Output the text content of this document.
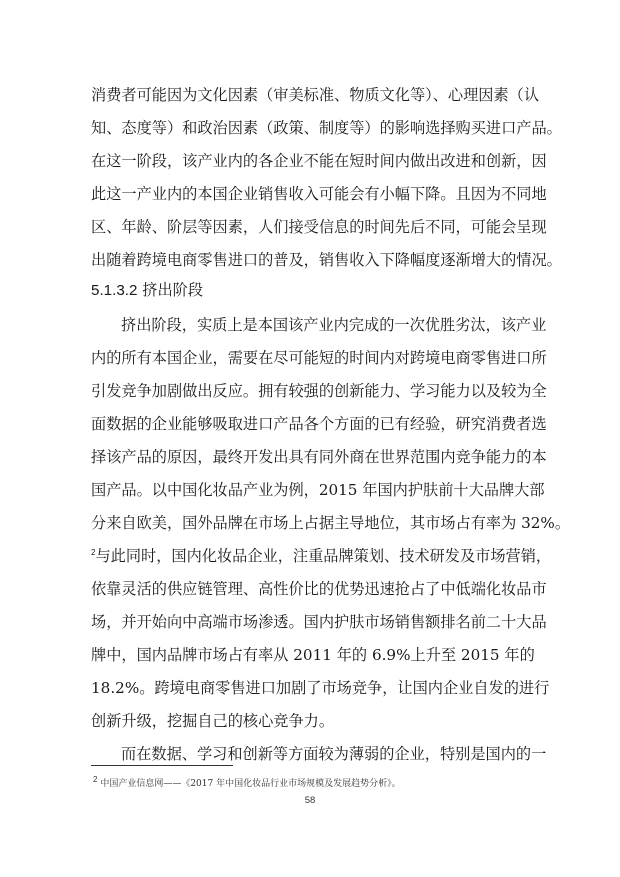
消费者可能因为文化因素（审美标准、物质文化等）、心理因素（认
知、态度等）和政治因素（政策、制度等）的影响选择购买进口产品。
在这一阶段，该产业内的各企业不能在短时间内做出改进和创新，因
此这一产业内的本国企业销售收入可能会有小幅下降。且因为不同地
区、年龄、阶层等因素，人们接受信息的时间先后不同，可能会呈现
出随着跨境电商零售进口的普及，销售收入下降幅度逐渐增大的情况。
5.1.3.2 挤出阶段
挤出阶段，实质上是本国该产业内完成的一次优胜劣汰，该产业
内的所有本国企业，需要在尽可能短的时间内对跨境电商零售进口所
引发竞争加剧做出反应。拥有较强的创新能力、学习能力以及较为全
面数据的企业能够吸取进口产品各个方面的已有经验，研究消费者选
择该产品的原因，最终开发出具有同外商在世界范围内竞争能力的本
国产品。以中国化妆品产业为例，2015 年国内护肤前十大品牌大部
分来自欧美，国外品牌在市场上占据主导地位，其市场占有率为 32%。
$^2$与此同时，国内化妆品企业，注重品牌策划、技术研发及市场营销，
依靠灵活的供应链管理、高性价比的优势迅速抢占了中低端化妆品市
场，并开始向中高端市场渗透。国内护肤市场销售额排名前二十大品
牌中，国内品牌市场占有率从 2011 年的 6.9%上升至 2015 年的
18.2%。跨境电商零售进口加剧了市场竞争，让国内企业自发的进行
创新升级，挖掘自己的核心竞争力。
而在数据、学习和创新等方面较为薄弱的企业，特别是国内的一
$^2$ 中国产业信息网——《2017 年中国化妆品行业市场规模及发展趋势分析》。
58
